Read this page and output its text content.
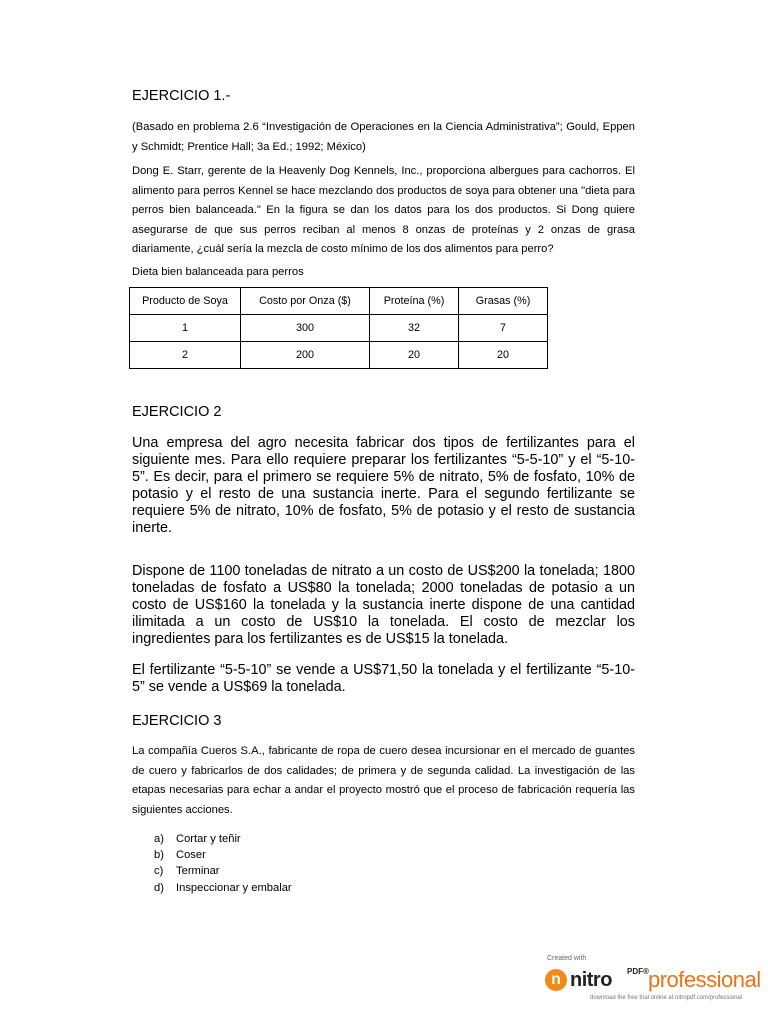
EJERCICIO 1.-

(Basado en problema 2.6 “Investigación de Operaciones en la Ciencia Administrativa”; Gould, Eppen y Schmidt; Prentice Hall; 3a Ed.; 1992; México)

Dong E. Starr, gerente de la Heavenly Dog Kennels, Inc., proporciona albergues para cachorros. El alimento para perros Kennel se hace mezclando dos productos de soya para obtener una "dieta para perros bien balanceada." En la figura se dan los datos para los dos productos. Si Dong quiere asegurarse de que sus perros reciban al menos 8 onzas de proteínas y 2 onzas de grasa diariamente, ¿cuál sería la mezcla de costo mínimo de los dos alimentos para perro?

Dieta bien balanceada para perros
Producto de Soya	Costo por Onza ($)	Proteína (%)	Grasas (%)
1	300	32	7
2	200	20	20
EJERCICIO 2

Una empresa del agro necesita fabricar dos tipos de fertilizantes para el siguiente mes. Para ello requiere preparar los fertilizantes “5-5-10” y el “5-10-5”. Es decir, para el primero se requiere 5% de nitrato, 5% de fosfato, 10% de potasio y el resto de una sustancia inerte. Para el segundo fertilizante se requiere 5% de nitrato, 10% de fosfato, 5% de potasio y el resto de sustancia inerte.

Dispone de 1100 toneladas de nitrato a un costo de US$200 la tonelada; 1800 toneladas de fosfato a US$80 la tonelada; 2000 toneladas de potasio a un costo de US$160 la tonelada y la sustancia inerte dispone de una cantidad ilimitada a un costo de US$10 la tonelada. El costo de mezclar los ingredientes para los fertilizantes es de US$15 la tonelada.

El fertilizante “5-5-10” se vende a US$71,50 la tonelada y el fertilizante “5-10-5” se vende a US$69 la tonelada.

EJERCICIO 3

La compañía Cueros S.A., fabricante de ropa de cuero desea incursionar en el mercado de guantes de cuero y fabricarlos de dos calidades; de primera y de segunda calidad. La investigación de las etapas necesarias para echar a andar el proyecto mostró que el proceso de fabricación requería las siguientes acciones.

a) Cortar y teñir
b) Coser
c) Terminar
d) Inspeccionar y embalar
Created with
n nitro PDF® professional
download the free trial online at nitropdf.com/professional
